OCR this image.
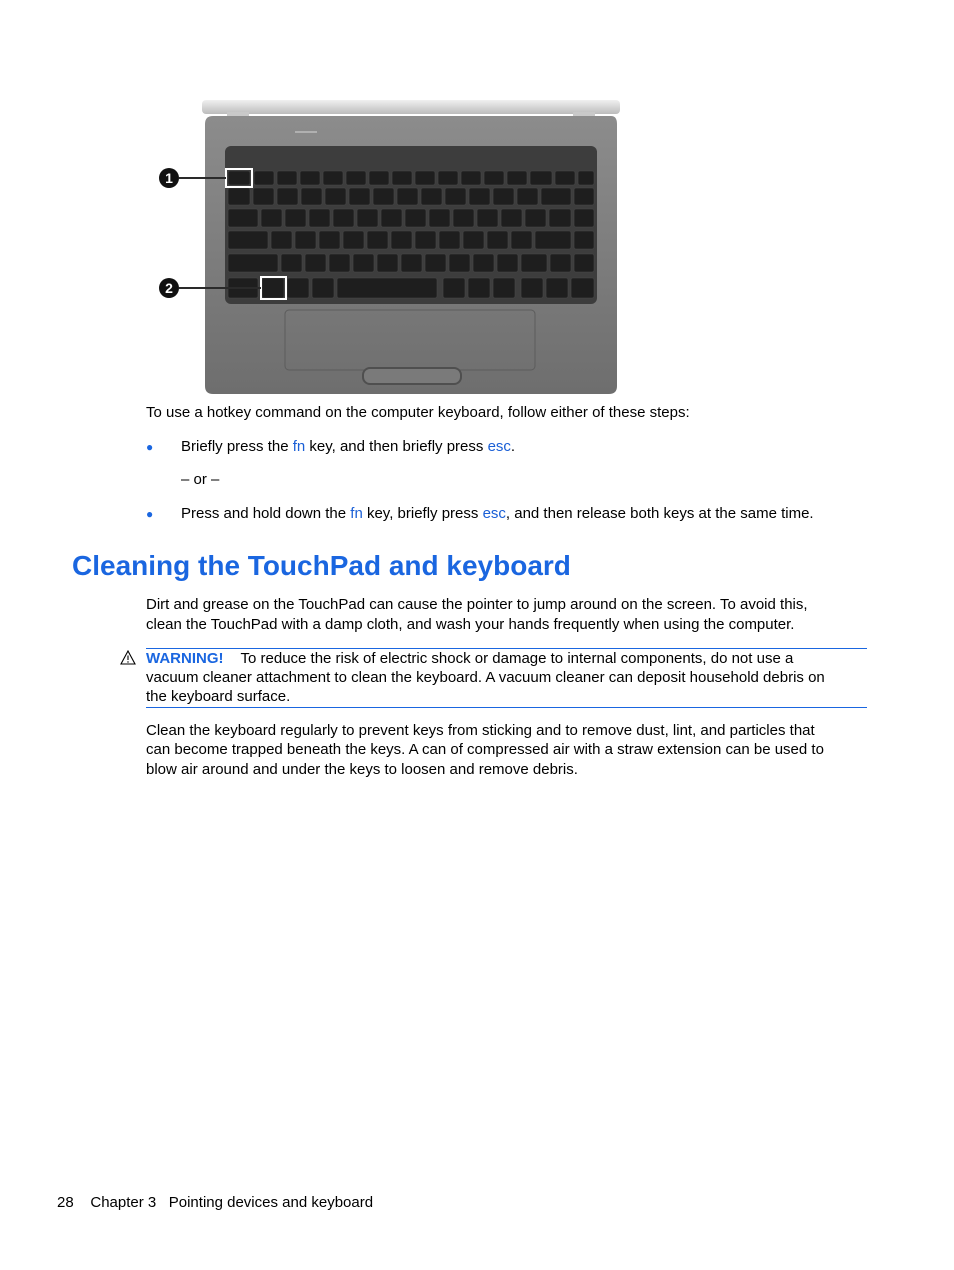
1
2

To use a hotkey command on the computer keyboard, follow either of these steps:

● Briefly press the fn key, and then briefly press esc.
– or –
● Press and hold down the fn key, briefly press esc, and then release both keys at the same time.
Cleaning the TouchPad and keyboard

Dirt and grease on the TouchPad can cause the pointer to jump around on the screen. To avoid this,

clean the TouchPad with a damp cloth, and wash your hands frequently when using the computer.

WARNING! To reduce the risk of electric shock or damage to internal components, do not use a

vacuum cleaner attachment to clean the keyboard. A vacuum cleaner can deposit household debris on

the keyboard surface.

Clean the keyboard regularly to prevent keys from sticking and to remove dust, lint, and particles that

can become trapped beneath the keys. A can of compressed air with a straw extension can be used to

blow air around and under the keys to loosen and remove debris.

28 Chapter 3 Pointing devices and keyboard
